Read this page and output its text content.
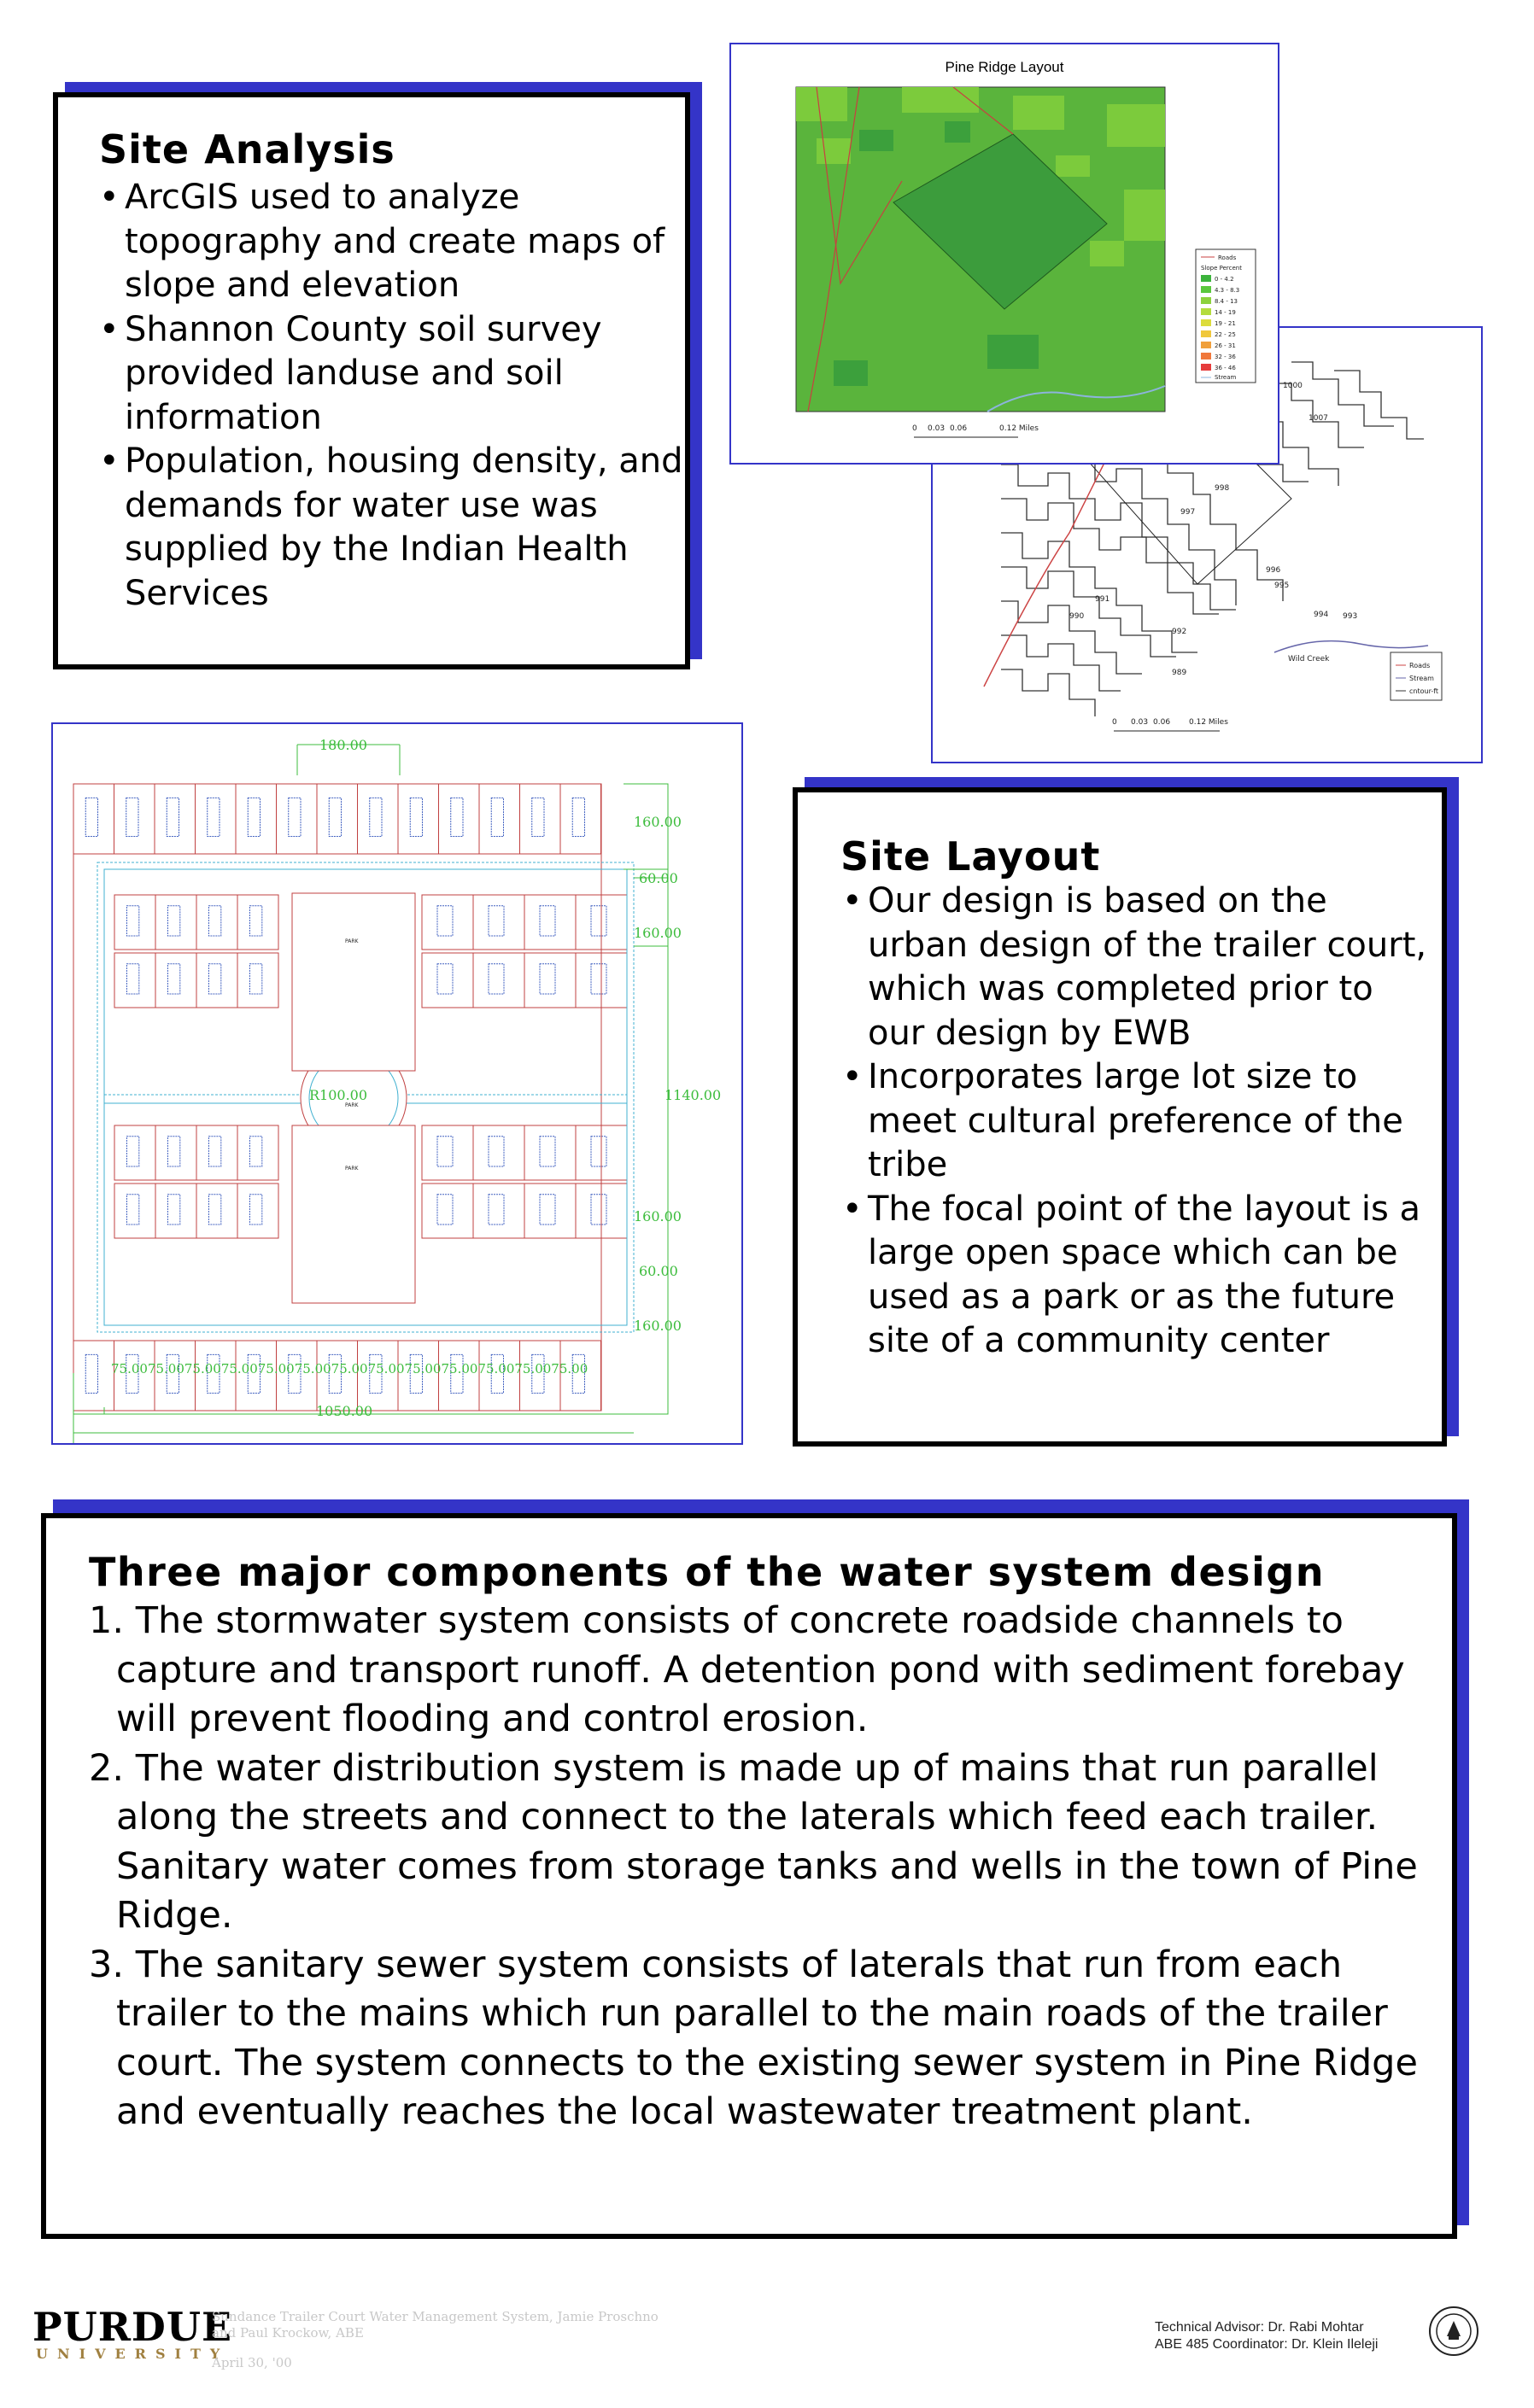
Site Analysis
• ArcGIS used to analyze topography and create maps of slope and elevation
• Shannon County soil survey provided landuse and soil information
• Population, housing density, and demands for water use was supplied by the Indian Health Services
1000
1007
998
997
996
995
994 993
992
991
990
989
Wild Creek
Roads
Stream
cntour-ft
0 0.03 0.06 0.12 Miles
Pine Ridge Layout
Roads
Slope Percent
0 - 4.2
4.3 - 8.3
8.4 - 13
14 - 19
19 - 21
22 - 25
26 - 31
32 - 36
36 - 46
Stream
0 0.03 0.06	0.12 Miles
PARK
PARK
PARK
180.00
160.00
60.00
160.00
1140.00
160.00
60.00
160.00
R100.00
75.0075.0075.0075.0075.0075.0075.0075.0075.0075.0075.0075.0075.00
1050.00
Site Layout
• Our design is based on the urban design of the trailer court, which was completed prior to our design by EWB
• Incorporates large lot size to meet cultural preference of the tribe
• The focal point of the layout is a large open space which can be used as a park or as the future site of a community center
Three major components of the water system design
1. The stormwater system consists of concrete roadside channels to capture and transport runoff. A detention pond with sediment forebay will prevent flooding and control erosion.
2. The water distribution system is made up of mains that run parallel along the streets and connect to the laterals which feed each trailer. Sanitary water comes from storage tanks and wells in the town of Pine Ridge.
3. The sanitary sewer system consists of laterals that run from each trailer to the mains which run parallel to the main roads of the trailer court. The system connects to the existing sewer system in Pine Ridge and eventually reaches the local wastewater treatment plant.
PURDUE
UNIVERSITY
Sundance Trailer Court Water Management System, Jamie Proschno
and Paul Krockow, ABE
April 30, '00
Technical Advisor: Dr. Rabi Mohtar
ABE 485 Coordinator: Dr. Klein Ileleji
